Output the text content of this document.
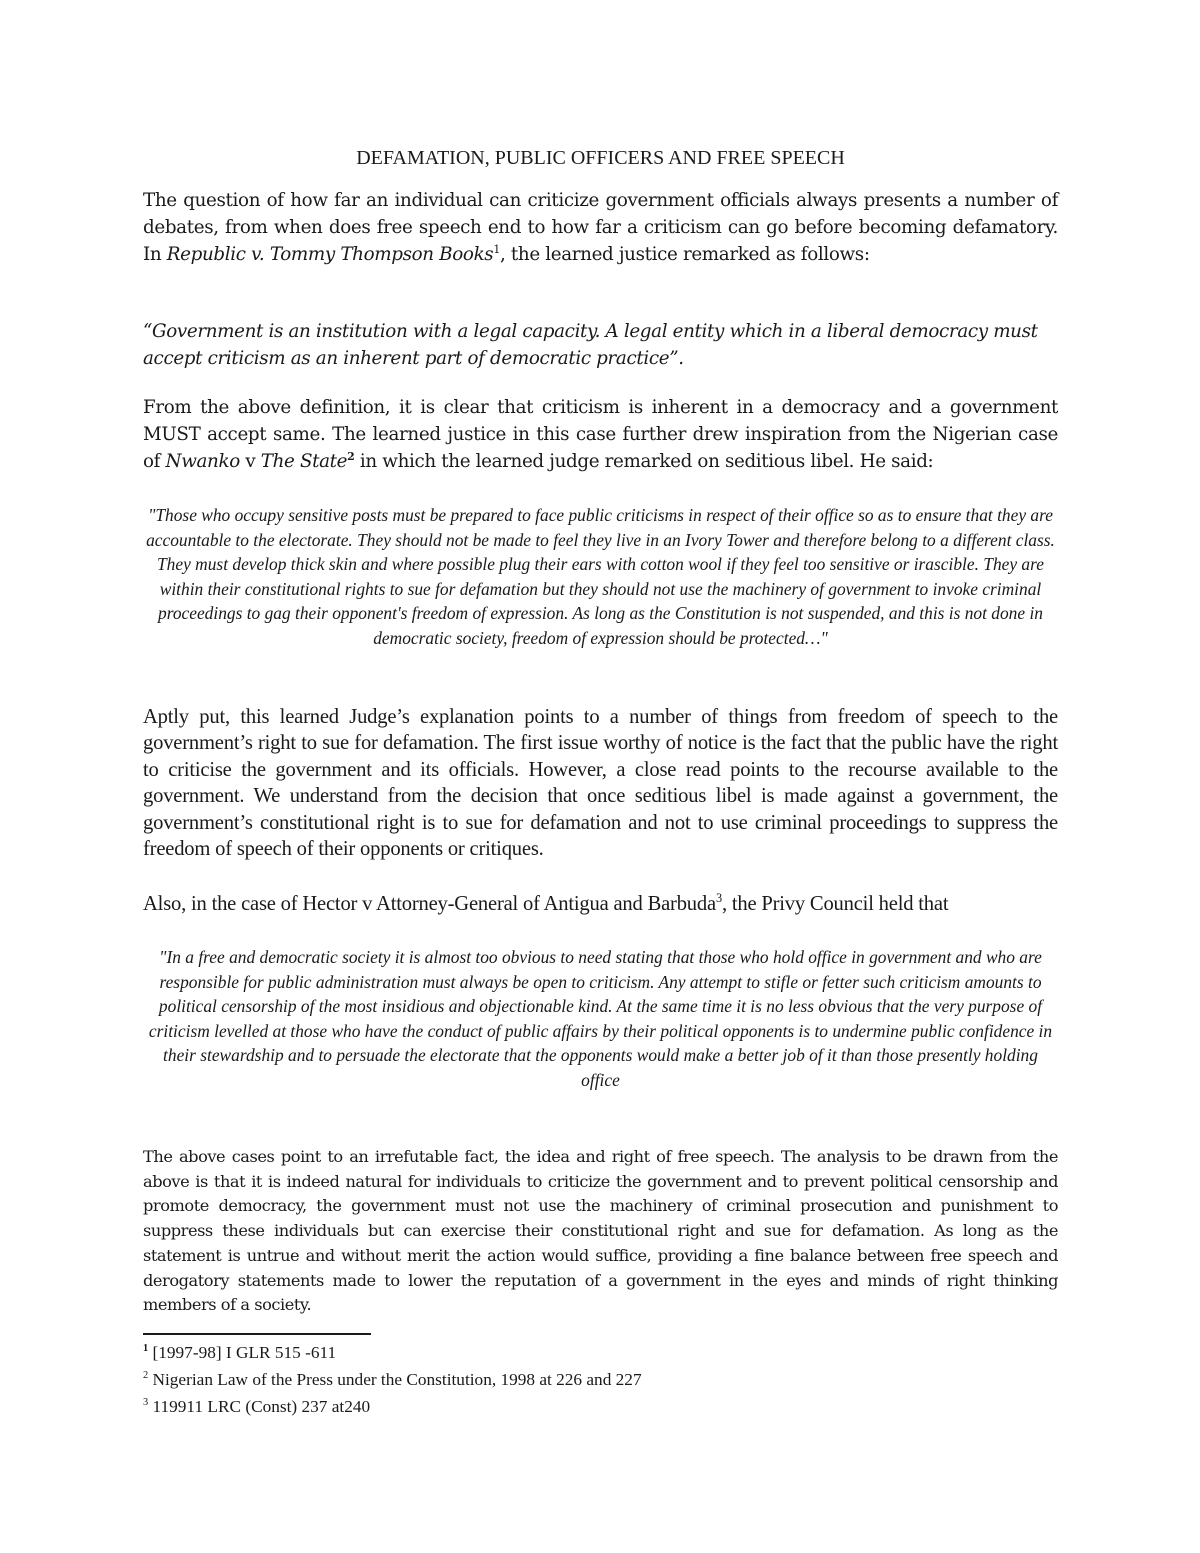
DEFAMATION, PUBLIC OFFICERS AND FREE SPEECH

The question of how far an individual can criticize government officials always presents a number of debates, from when does free speech end to how far a criticism can go before becoming defamatory. In Republic v. Tommy Thompson Books$^1$, the learned justice remarked as follows:

“Government is an institution with a legal capacity. A legal entity which in a liberal democracy must accept criticism as an inherent part of democratic practice”.

From the above definition, it is clear that criticism is inherent in a democracy and a government MUST accept same. The learned justice in this case further drew inspiration from the Nigerian case of Nwanko v The State$^2$ in which the learned judge remarked on seditious libel. He said:

"Those who occupy sensitive posts must be prepared to face public criticisms in respect of their office so as to ensure that they are accountable to the electorate. They should not be made to feel they live in an Ivory Tower and therefore belong to a different class. They must develop thick skin and where possible plug their ears with cotton wool if they feel too sensitive or irascible. They are within their constitutional rights to sue for defamation but they should not use the machinery of government to invoke criminal proceedings to gag their opponent's freedom of expression. As long as the Constitution is not suspended, and this is not done in democratic society, freedom of expression should be protected…"

Aptly put, this learned Judge’s explanation points to a number of things from freedom of speech to the government’s right to sue for defamation. The first issue worthy of notice is the fact that the public have the right to criticise the government and its officials. However, a close read points to the recourse available to the government. We understand from the decision that once seditious libel is made against a government, the government’s constitutional right is to sue for defamation and not to use criminal proceedings to suppress the freedom of speech of their opponents or critiques.

Also, in the case of Hector v Attorney-General of Antigua and Barbuda$^3$, the Privy Council held that

"In a free and democratic society it is almost too obvious to need stating that those who hold office in government and who are responsible for public administration must always be open to criticism. Any attempt to stifle or fetter such criticism amounts to political censorship of the most insidious and objectionable kind. At the same time it is no less obvious that the very purpose of criticism levelled at those who have the conduct of public affairs by their political opponents is to undermine public confidence in their stewardship and to persuade the electorate that the opponents would make a better job of it than those presently holding office

The above cases point to an irrefutable fact, the idea and right of free speech. The analysis to be drawn from the above is that it is indeed natural for individuals to criticize the government and to prevent political censorship and promote democracy, the government must not use the machinery of criminal prosecution and punishment to suppress these individuals but can exercise their constitutional right and sue for defamation. As long as the statement is untrue and without merit the action would suffice, providing a fine balance between free speech and derogatory statements made to lower the reputation of a government in the eyes and minds of right thinking members of a society.

$^1$ [1997-98] I GLR 515 -611
$^2$ Nigerian Law of the Press under the Constitution, 1998 at 226 and 227
$^3$ 119911 LRC (Const) 237 at240
